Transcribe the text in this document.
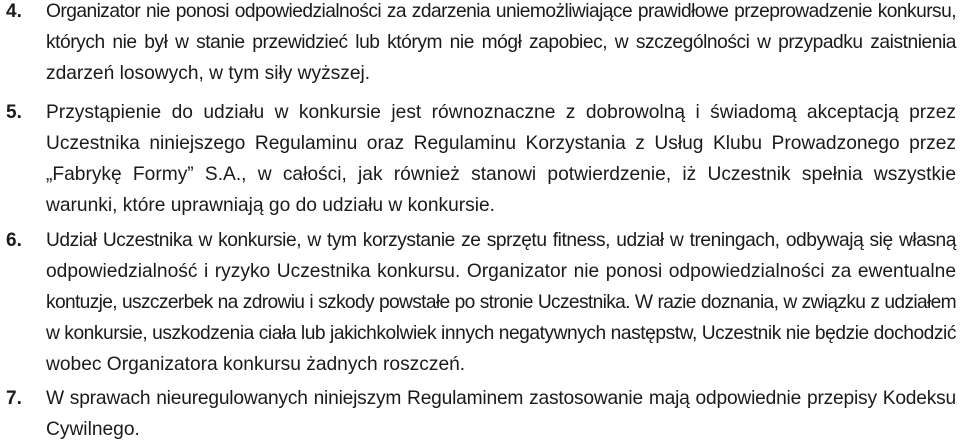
4. Organizator nie ponosi odpowiedzialności za zdarzenia uniemożliwiające prawidłowe przeprowadzenie konkursu,
których nie był w stanie przewidzieć lub którym nie mógł zapobiec, w szczególności w przypadku zaistnienia
zdarzeń losowych, w tym siły wyższej.
5. Przystąpienie do udziału w konkursie jest równoznaczne z dobrowolną i świadomą akceptacją przez
Uczestnika niniejszego Regulaminu oraz Regulaminu Korzystania z Usług Klubu Prowadzonego przez
„Fabrykę Formy” S.A., w całości, jak również stanowi potwierdzenie, iż Uczestnik spełnia wszystkie
warunki, które uprawniają go do udziału w konkursie.
6. Udział Uczestnika w konkursie, w tym korzystanie ze sprzętu fitness, udział w treningach, odbywają się własną
odpowiedzialność i ryzyko Uczestnika konkursu. Organizator nie ponosi odpowiedzialności za ewentualne
kontuzje, uszczerbek na zdrowiu i szkody powstałe po stronie Uczestnika. W razie doznania, w związku z udziałem
w konkursie, uszkodzenia ciała lub jakichkolwiek innych negatywnych następstw, Uczestnik nie będzie dochodzić
wobec Organizatora konkursu żadnych roszczeń.
7. W sprawach nieuregulowanych niniejszym Regulaminem zastosowanie mają odpowiednie przepisy Kodeksu
Cywilnego.
